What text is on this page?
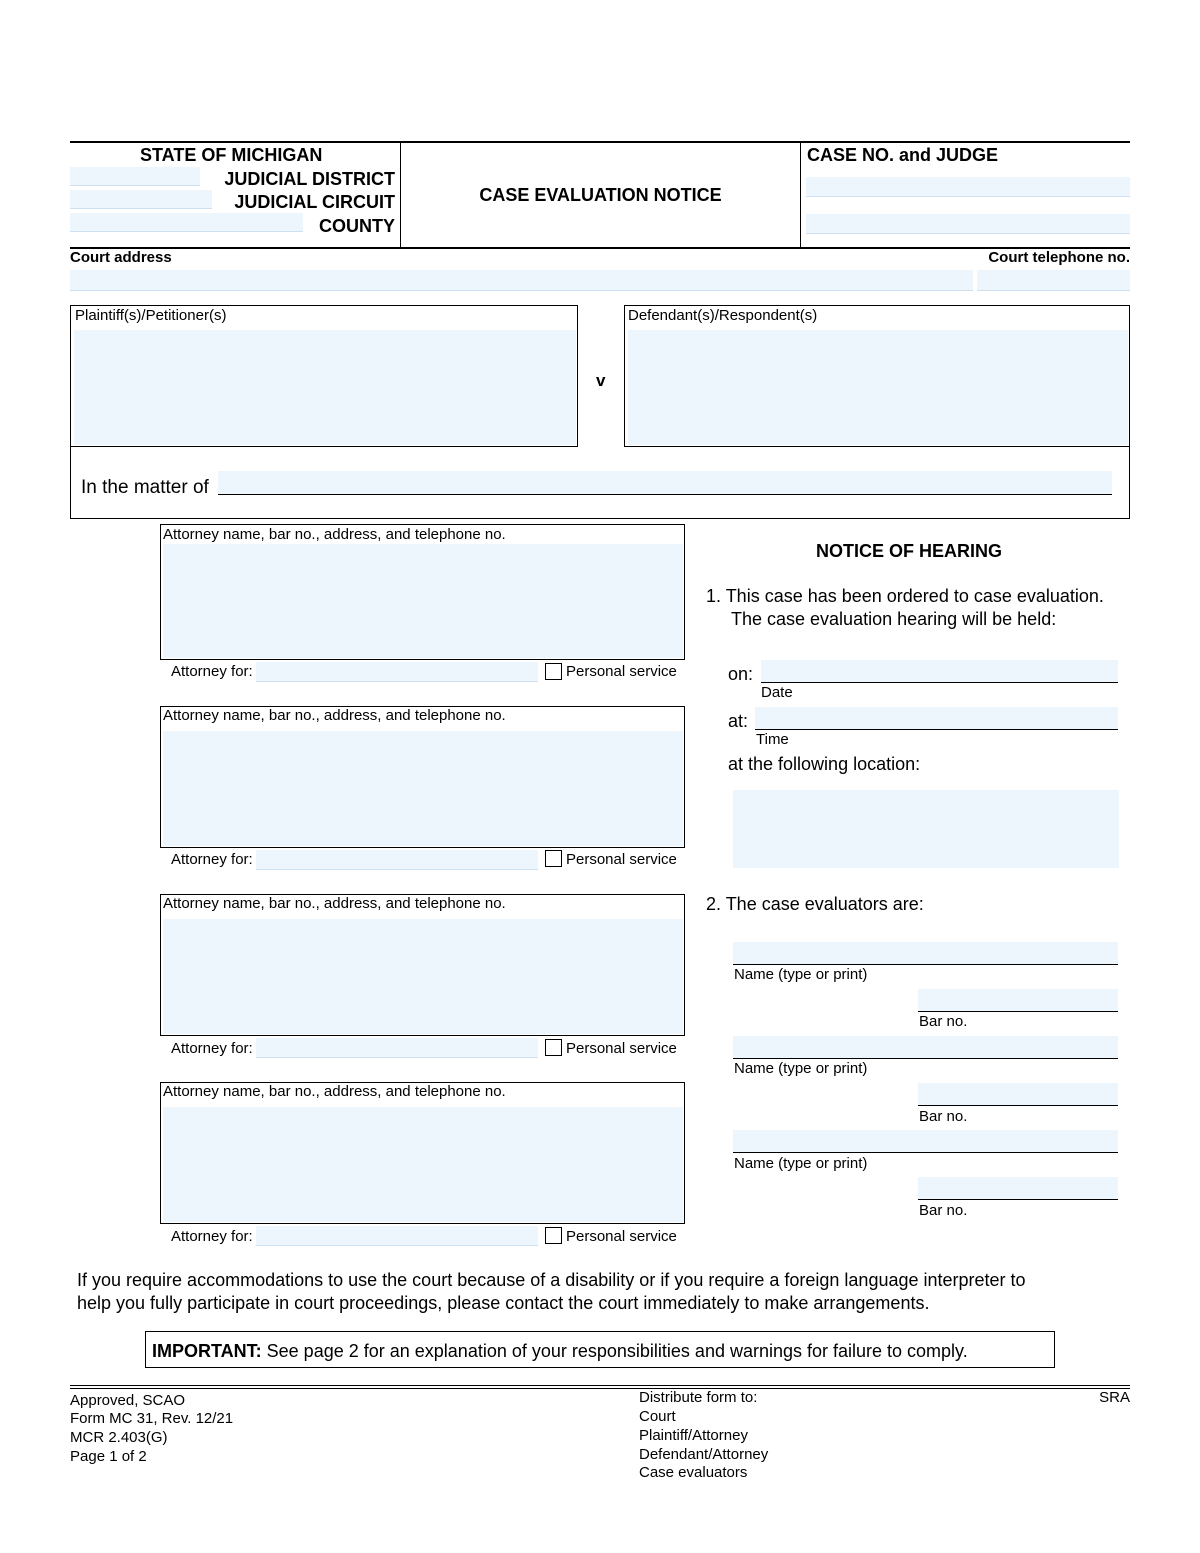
STATE OF MICHIGAN
JUDICIAL DISTRICT
JUDICIAL CIRCUIT
COUNTY
CASE EVALUATION NOTICE
CASE NO. and JUDGE
Court address	Court telephone no.
Plaintiff(s)/Petitioner(s)
v
Defendant(s)/Respondent(s)
In the matter of
Attorney name, bar no., address, and telephone no.
Attorney for:	Personal service
Attorney name, bar no., address, and telephone no.
Attorney for:	Personal service
Attorney name, bar no., address, and telephone no.
Attorney for:	Personal service
Attorney name, bar no., address, and telephone no.
Attorney for:	Personal service
NOTICE OF HEARING
1. This case has been ordered to case evaluation.
The case evaluation hearing will be held:
on:
Date
at:
Time
at the following location:
2. The case evaluators are:
Name (type or print)
Bar no.
Name (type or print)
Bar no.
Name (type or print)
Bar no.
If you require accommodations to use the court because of a disability or if you require a foreign language interpreter to
help you fully participate in court proceedings, please contact the court immediately to make arrangements.
IMPORTANT: See page 2 for an explanation of your responsibilities and warnings for failure to comply.
Approved, SCAO
Form MC 31, Rev. 12/21
MCR 2.403(G)
Page 1 of 2
Distribute form to:
Court
Plaintiff/Attorney
Defendant/Attorney
Case evaluators
SRA
